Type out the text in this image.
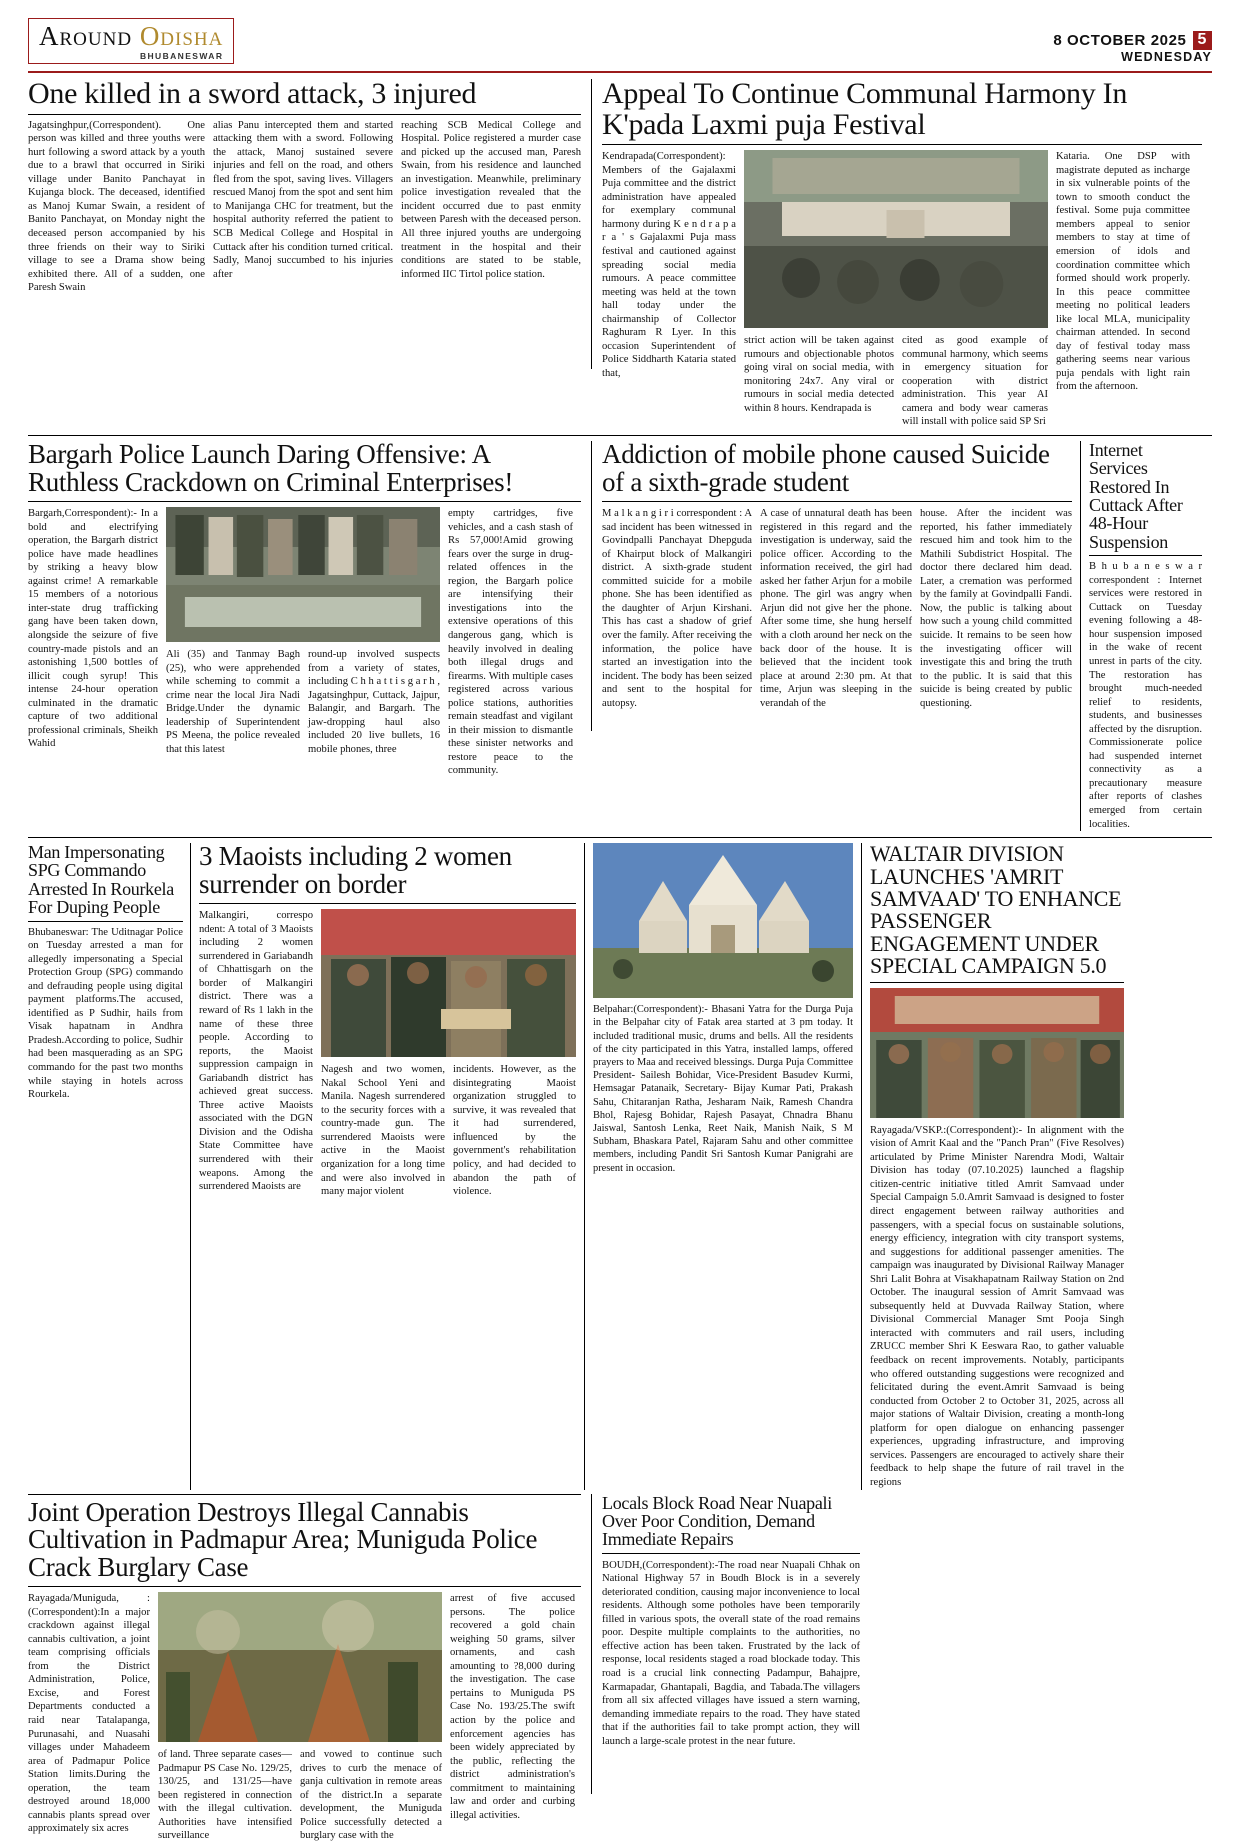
Around Odisha
BHUBANESWAR
8 OCTOBER 2025 5
WEDNESDAY
One killed in a sword attack, 3 injured
Jagatsinghpur,(Correspondent). One person was killed and three youths were hurt following a sword attack by a youth due to a brawl that occurred in Siriki village under Banito Panchayat in Kujanga block. The deceased, identified as Manoj Kumar Swain, a resident of Banito Panchayat, on Monday night the deceased person accompanied by his three friends on their way to Siriki village to see a Drama show being exhibited there. All of a sudden, one Paresh Swain
alias Panu intercepted them and started attacking them with a sword. Following the attack, Manoj sustained severe injuries and fell on the road, and others fled from the spot, saving lives. Villagers rescued Manoj from the spot and sent him to Manijanga CHC for treatment, but the hospital authority referred the patient to SCB Medical College and Hospital in Cuttack after his condition turned critical. Sadly, Manoj succumbed to his injuries after
reaching SCB Medical College and Hospital. Police registered a murder case and picked up the accused man, Paresh Swain, from his residence and launched an investigation. Meanwhile, preliminary police investigation revealed that the incident occurred due to past enmity between Paresh with the deceased person. All three injured youths are undergoing treatment in the hospital and their conditions are stated to be stable, informed IIC Tirtol police station.
Appeal To Continue Communal Harmony In K'pada Laxmi puja Festival
Kendrapada(Correspondent): Members of the Gajalaxmi Puja committee and the district administration have appealed for exemplary communal harmony during K e n d r a p a r a ' s Gajalaxmi Puja mass festival and cautioned against spreading social media rumours. A peace committee meeting was held at the town hall today under the chairmanship of Collector Raghuram R Lyer. In this occasion Superintendent of Police Siddharth Kataria stated that,
strict action will be taken against rumours and objectionable photos going viral on social media, with monitoring 24x7. Any viral or rumours in social media detected within 8 hours. Kendrapada is
cited as good example of communal harmony, which seems in emergency situation for cooperation with district administration. This year AI camera and body wear cameras will install with police said SP Sri
Kataria. One DSP with magistrate deputed as incharge in six vulnerable points of the town to smooth conduct the festival. Some puja committee members appeal to senior members to stay at time of emersion of idols and coordination committee which formed should work properly. In this peace committee meeting no political leaders like local MLA, municipality chairman attended. In second day of festival today mass gathering seems near various puja pendals with light rain from the afternoon.
Bargarh Police Launch Daring Offensive: A Ruthless Crackdown on Criminal Enterprises!
Bargarh,Correspondent):- In a bold and electrifying operation, the Bargarh district police have made headlines by striking a heavy blow against crime! A remarkable 15 members of a notorious inter-state drug trafficking gang have been taken down, alongside the seizure of five country-made pistols and an astonishing 1,500 bottles of illicit cough syrup! This intense 24-hour operation culminated in the dramatic capture of two additional professional criminals, Sheikh Wahid
Ali (35) and Tanmay Bagh (25), who were apprehended while scheming to commit a crime near the local Jira Nadi Bridge.Under the dynamic leadership of Superintendent PS Meena, the police revealed that this latest
round-up involved suspects from a variety of states, including C h h a t t i s g a r h , Jagatsinghpur, Cuttack, Jajpur, Balangir, and Bargarh. The jaw-dropping haul also included 20 live bullets, 16 mobile phones, three
empty cartridges, five vehicles, and a cash stash of Rs 57,000!Amid growing fears over the surge in drug-related offences in the region, the Bargarh police are intensifying their investigations into the extensive operations of this dangerous gang, which is heavily involved in dealing both illegal drugs and firearms. With multiple cases registered across various police stations, authorities remain steadfast and vigilant in their mission to dismantle these sinister networks and restore peace to the community.
Addiction of mobile phone caused Suicide of a sixth-grade student
M a l k a n g i r i correspondent : A sad incident has been witnessed in Govindpalli Panchayat Dhepguda of Khairput block of Malkangiri district. A sixth-grade student committed suicide for a mobile phone. She has been identified as the daughter of Arjun Kirshani. This has cast a shadow of grief over the family. After receiving the information, the police have started an investigation into the incident. The body has been seized and sent to the hospital for autopsy.
A case of unnatural death has been registered in this regard and the investigation is underway, said the police officer. According to the information received, the girl had asked her father Arjun for a mobile phone. The girl was angry when Arjun did not give her the phone. After some time, she hung herself with a cloth around her neck on the back door of the house. It is believed that the incident took place at around 2:30 pm. At that time, Arjun was sleeping in the verandah of the
house. After the incident was reported, his father immediately rescued him and took him to the Mathili Subdistrict Hospital. The doctor there declared him dead. Later, a cremation was performed by the family at Govindpalli Fandi. Now, the public is talking about how such a young child committed suicide. It remains to be seen how the investigating officer will investigate this and bring the truth to the public. It is said that this suicide is being created by public questioning.
Internet Services Restored In Cuttack After 48-Hour Suspension
B h u b a n e s w a r correspondent : Internet services were restored in Cuttack on Tuesday evening following a 48-hour suspension imposed in the wake of recent unrest in parts of the city. The restoration has brought much-needed relief to residents, students, and businesses affected by the disruption. Commissionerate police had suspended internet connectivity as a precautionary measure after reports of clashes emerged from certain localities.
Man Impersonating SPG Commando Arrested In Rourkela For Duping People
Bhubaneswar: The Uditnagar Police on Tuesday arrested a man for allegedly impersonating a Special Protection Group (SPG) commando and defrauding people using digital payment platforms.The accused, identified as P Sudhir, hails from Visak hapatnam in Andhra Pradesh.According to police, Sudhir had been masquerading as an SPG commando for the past two months while staying in hotels across Rourkela.
3 Maoists including 2 women surrender on border
Malkangiri, correspo ndent: A total of 3 Maoists including 2 women surrendered in Gariabandh of Chhattisgarh on the border of Malkangiri district. There was a reward of Rs 1 lakh in the name of these three people. According to reports, the Maoist suppression campaign in Gariabandh district has achieved great success. Three active Maoists associated with the DGN Division and the Odisha State Committee have surrendered with their weapons. Among the surrendered Maoists are
Nagesh and two women, Nakal School Yeni and Manila. Nagesh surrendered to the security forces with a country-made gun. The surrendered Maoists were active in the Maoist organization for a long time and were also involved in many major violent
incidents. However, as the disintegrating Maoist organization struggled to survive, it was revealed that it had surrendered, influenced by the government's rehabilitation policy, and had decided to abandon the path of violence.
Belpahar:(Correspondent):- Bhasani Yatra for the Durga Puja in the Belpahar city of Fatak area started at 3 pm today. It included traditional music, drums and bells. All the residents of the city participated in this Yatra, installed lamps, offered prayers to Maa and received blessings. Durga Puja Committee President- Sailesh Bohidar, Vice-President Basudev Kurmi, Hemsagar Patanaik, Secretary- Bijay Kumar Pati, Prakash Sahu, Chitaranjan Ratha, Jesharam Naik, Ramesh Chandra Bhol, Rajesg Bohidar, Rajesh Pasayat, Chnadra Bhanu Jaiswal, Santosh Lenka, Reet Naik, Manish Naik, S M Subham, Bhaskara Patel, Rajaram Sahu and other committee members, including Pandit Sri Santosh Kumar Panigrahi are present in occasion.
WALTAIR DIVISION LAUNCHES 'AMRIT SAMVAAD' TO ENHANCE PASSENGER ENGAGEMENT UNDER SPECIAL CAMPAIGN 5.0
Rayagada/VSKP.:(Correspondent):- In alignment with the vision of Amrit Kaal and the "Panch Pran" (Five Resolves) articulated by Prime Minister Narendra Modi, Waltair Division has today (07.10.2025) launched a flagship citizen-centric initiative titled Amrit Samvaad under Special Campaign 5.0.Amrit Samvaad is designed to foster direct engagement between railway authorities and passengers, with a special focus on sustainable solutions, energy efficiency, integration with city transport systems, and suggestions for additional passenger amenities. The campaign was inaugurated by Divisional Railway Manager Shri Lalit Bohra at Visakhapatnam Railway Station on 2nd October. The inaugural session of Amrit Samvaad was subsequently held at Duvvada Railway Station, where Divisional Commercial Manager Smt Pooja Singh interacted with commuters and rail users, including ZRUCC member Shri K Eeswara Rao, to gather valuable feedback on recent improvements. Notably, participants who offered outstanding suggestions were recognized and felicitated during the event.Amrit Samvaad is being conducted from October 2 to October 31, 2025, across all major stations of Waltair Division, creating a month-long platform for open dialogue on enhancing passenger experiences, upgrading infrastructure, and improving services. Passengers are encouraged to actively share their feedback to help shape the future of rail travel in the regions
Joint Operation Destroys Illegal Cannabis Cultivation in Padmapur Area; Muniguda Police Crack Burglary Case
Rayagada/Muniguda, :(Correspondent):In a major crackdown against illegal cannabis cultivation, a joint team comprising officials from the District Administration, Police, Excise, and Forest Departments conducted a raid near Tatalapanga, Purunasahi, and Nuasahi villages under Mahadeem area of Padmapur Police Station limits.During the operation, the team destroyed around 18,000 cannabis plants spread over approximately six acres
of land. Three separate cases—Padmapur PS Case No. 129/25, 130/25, and 131/25—have been registered in connection with the illegal cultivation. Authorities have intensified surveillance
and vowed to continue such drives to curb the menace of ganja cultivation in remote areas of the district.In a separate development, the Muniguda Police successfully detected a burglary case with the
arrest of five accused persons. The police recovered a gold chain weighing 50 grams, silver ornaments, and cash amounting to ?8,000 during the investigation. The case pertains to Muniguda PS Case No. 193/25.The swift action by the police and enforcement agencies has been widely appreciated by the public, reflecting the district administration's commitment to maintaining law and order and curbing illegal activities.
Locals Block Road Near Nuapali Over Poor Condition, Demand Immediate Repairs
BOUDH,(Correspondent):-The road near Nuapali Chhak on National Highway 57 in Boudh Block is in a severely deteriorated condition, causing major inconvenience to local residents. Although some potholes have been temporarily filled in various spots, the overall state of the road remains poor. Despite multiple complaints to the authorities, no effective action has been taken. Frustrated by the lack of response, local residents staged a road blockade today. This road is a crucial link connecting Padampur, Bahajpre, Karmapadar, Ghantapali, Bagdia, and Tabada.The villagers from all six affected villages have issued a stern warning, demanding immediate repairs to the road. They have stated that if the authorities fail to take prompt action, they will launch a large-scale protest in the near future.
